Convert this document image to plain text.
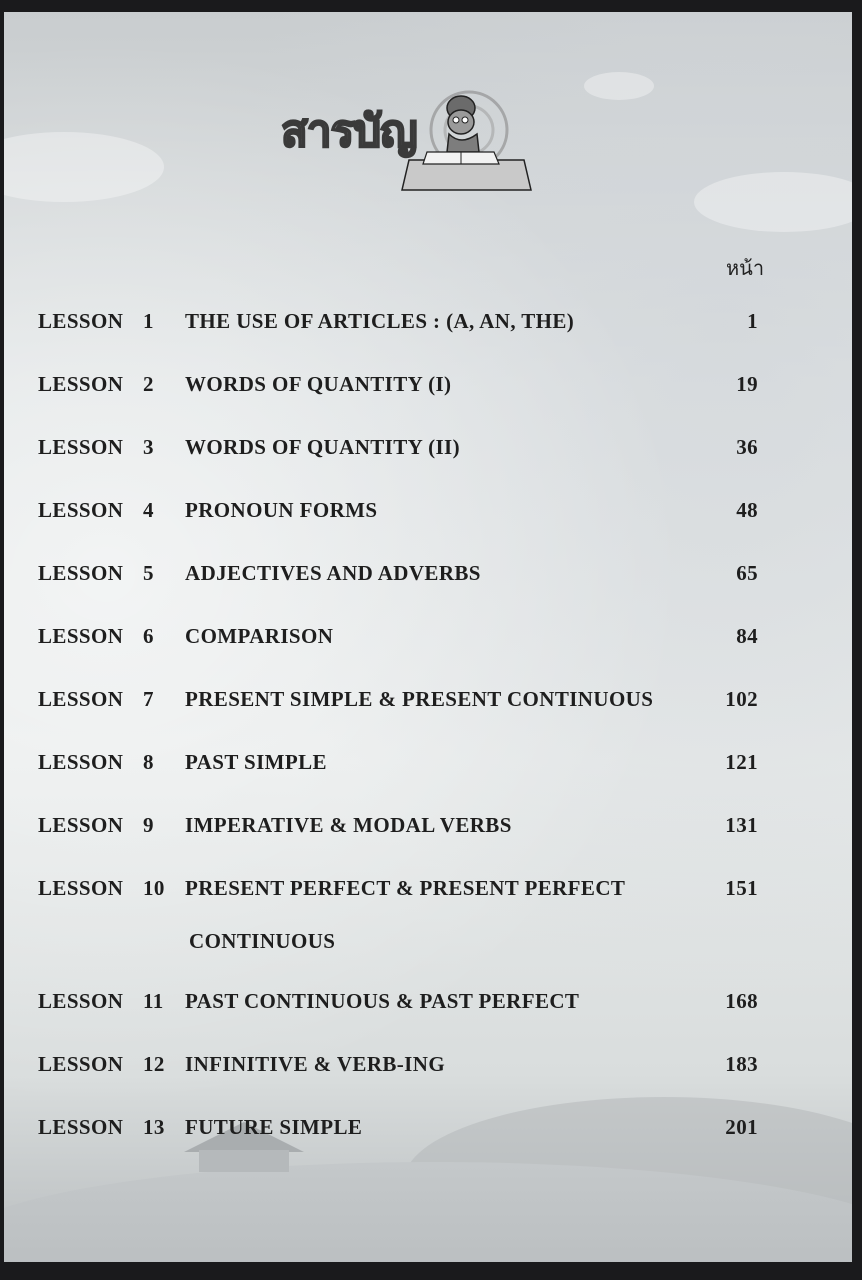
สารบัญ
หน้า
LESSON 1 THE USE OF ARTICLES : (A, AN, THE)	1
LESSON 2 WORDS OF QUANTITY (I)	19
LESSON 3 WORDS OF QUANTITY (II)	36
LESSON 4 PRONOUN FORMS	48
LESSON 5 ADJECTIVES AND ADVERBS	65
LESSON 6 COMPARISON	84
LESSON 7 PRESENT SIMPLE & PRESENT CONTINUOUS	102
LESSON 8 PAST SIMPLE	121
LESSON 9 IMPERATIVE & MODAL VERBS	131
LESSON 10 PRESENT PERFECT & PRESENT PERFECT	151
CONTINUOUS
LESSON 11 PAST CONTINUOUS & PAST PERFECT	168
LESSON 12 INFINITIVE & VERB-ING	183
LESSON 13 FUTURE SIMPLE	201
